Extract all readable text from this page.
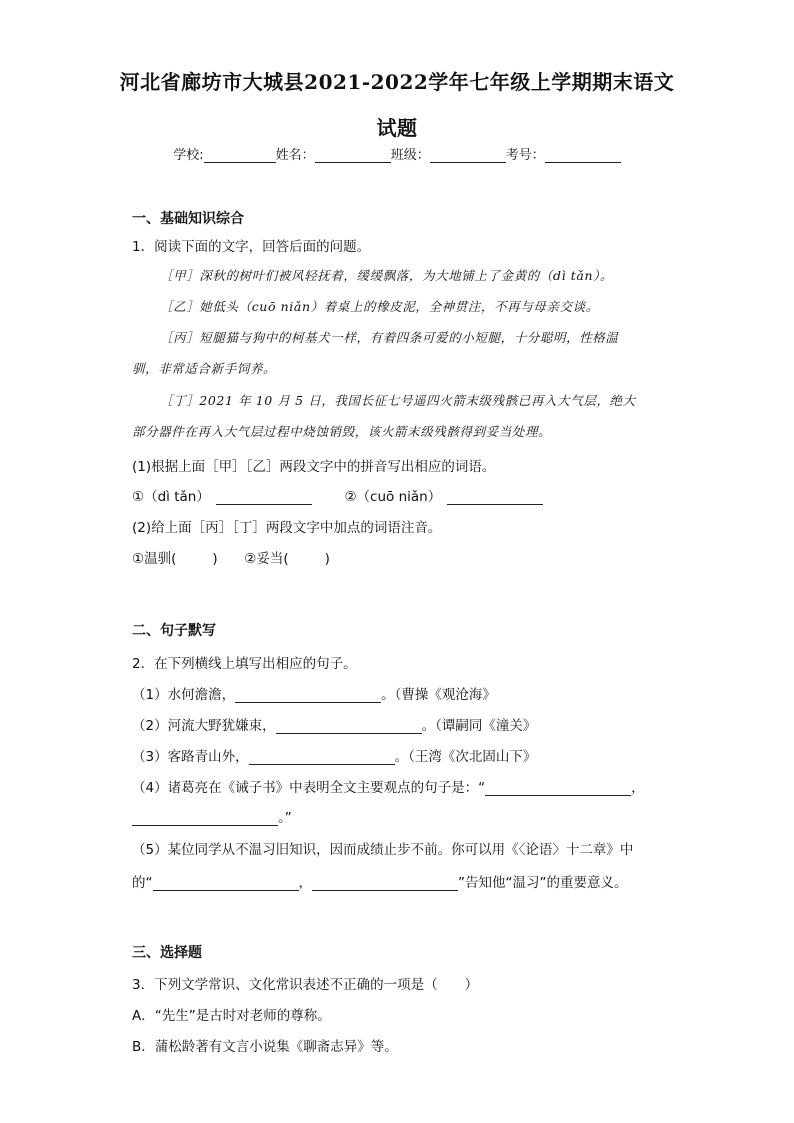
河北省廊坊市大城县2021-2022学年七年级上学期期末语文
试题
学校:	姓名：	班级：	考号：
一、基础知识综合
1．阅读下面的文字，回答后面的问题。
［甲］深秋的树叶们被风轻抚着，缓缓飘落，为大地铺上了金黄的（dì tǎn）。
［乙］她低头（cuō niǎn）着桌上的橡皮泥，全神贯注，不再与母亲交谈。
［丙］短腿猫与狗中的柯基犬一样，有着四条可爱的小短腿，十分聪明，性格温
驯，非常适合新手饲养。
［丁］2021 年 10 月 5 日，我国长征七号遥四火箭末级残骸已再入大气层，绝大
部分器件在再入大气层过程中烧蚀销毁，该火箭末级残骸得到妥当处理。
(1)根据上面［甲］［乙］两段文字中的拼音写出相应的词语。
①（dì tǎn）	②（cuō niǎn）
(2)给上面［丙］［丁］两段文字中加点的词语注音。
①温驯(	) ②妥当(	)
二、句子默写
2．在下列横线上填写出相应的句子。
（1）水何澹澹，	。（曹操《观沧海》
（2）河流大野犹嫌束，	。（谭嗣同《潼关》
（3）客路青山外，	。（王湾《次北固山下》
（4）诸葛亮在《诫子书》中表明全文主要观点的句子是：“	，
。”
（5）某位同学从不温习旧知识，因而成绩止步不前。你可以用《〈论语〉十二章》中
的“	，	”告知他“温习”的重要意义。
三、选择题
3．下列文学常识、文化常识表述不正确的一项是（　　）
A．“先生”是古时对老师的尊称。
B．蒲松龄著有文言小说集《聊斋志异》等。
